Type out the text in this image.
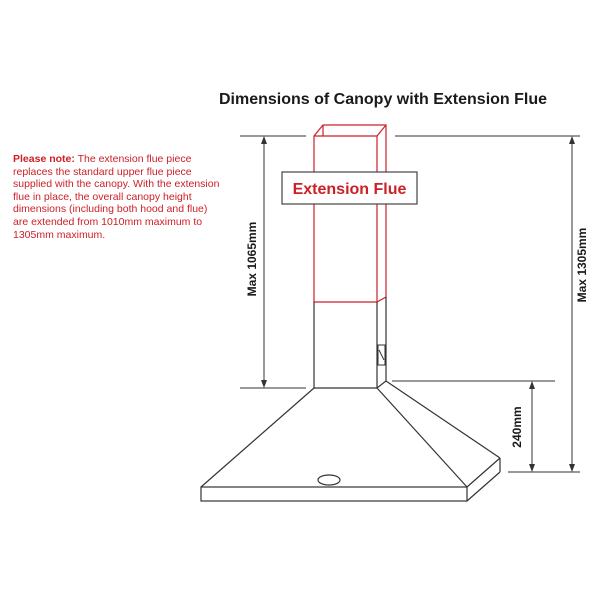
Dimensions of Canopy with Extension Flue
Please note: The extension flue piece replaces the standard upper flue piece supplied with the canopy. With the extension flue in place, the overall canopy height dimensions (including both hood and flue) are extended from 1010mm maximum to 1305mm maximum.
Extension Flue
Max 1065mm	Max 1305mm
240mm
